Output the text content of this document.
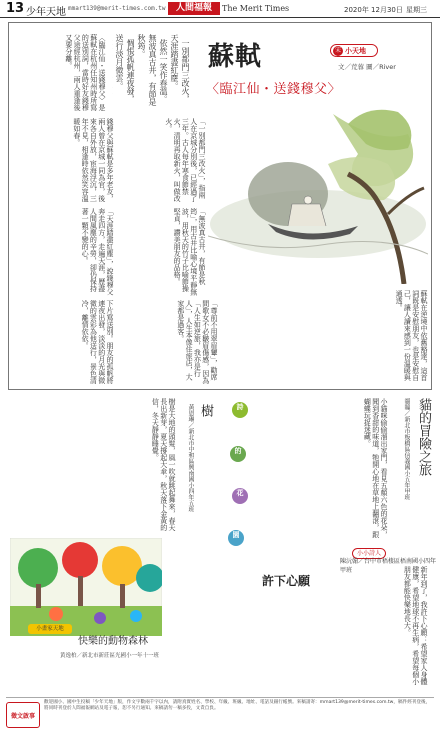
13 少年天地 mmart139@merit-times.com.tw	人間福報	The Merit Times	2020年 12月30日 星期三
宋詞
小天地
蘇軾
〈臨江仙・送錢穆父〉
文／荒蓉 圖／River

一別都門三改火，天涯踏盡紅塵。
依然一笑作春溫。無波真古井，有節是秋筠。
惆悵孤帆連夜發，送行淡月微雲。

〈臨江仙・送錢穆父〉是蘇軾在杭州任知州時所寫的送別詞，當時好友錢穆父途經杭州，兩人重逢後又要分離。
錢穆父與蘇軾是多年老友，兩人曾在京城一同為官，後來各自外放，宦海浮沉，三年不見，相逢時依然笑容溫暖如春。	「一別都門三改火」，指兩人在京城分別後，已經過了三年。古人每年寒食節禁火，清明再取新火，叫做改火。
「天涯踏盡紅塵」，說錢穆父奔走四方，走遍天涯，歷盡人間風塵的辛勞，卻仍保持著一顆不變的心。	「無波真古井，有節是秋筠」，用古井比喻心境平靜無波，用秋天的竹子比喻節操堅貞，讚美朋友的品格。
下片寫送別。朋友的孤帆將連夜出發，淡淡的月光與微微的雲彩為他送行，景色清冷，離情依依。	「尊前不用翠眉顰」，勸席間歌女不必皺眉傷感，因為「人生如逆旅，我亦是行人」，人生本像住旅店，大家都是過客。	蘇軾在逆境中依舊豁達，這首詞既是安慰朋友，也是安慰自己，讓人讀來感到一份溫暖與通透。
貓的冒險之旅
貓瞳／新北市板橋區信義國小五年甲班
小貓咪偷偷溜出家門，看見五顏六色的花朵，聞到香甜的味道，牠開心地在草地上翻滾，跟蝴蝶玩捉迷藏。
小小詩人
樹
黃恩琳／新北市中和區興南國小四年五班
樹是大地的頭髮，風一吹就跳起舞來，春天長出新芽，夏天撐起大傘，秋天落下金黃的信，冬天靜靜睡覺。	詩
的
花
園
許下心願
陳沅翰／台中市梧棲區梧南國小四年甲班	新年到了，我許下心願：希望家人身體健康，希望地球不再生病，希望每個小朋友都能快樂地長大。
小畫家天地
快樂的動物森林
黃逸柏／新北市新莊區光國小一年十一班
徵文啟事
歡迎國小、國中生投稿「少年天地」版，作文字數兩千字以內，請附真實姓名、學校、年級、班級、地址、電話及銀行帳號。來稿請寄：mmart139@merit-times.com.tw，稿件經刊登後，將同時刊登於人間福報網站及電子報，恕不另行通知。來稿請勿一稿多投，文責自負。
